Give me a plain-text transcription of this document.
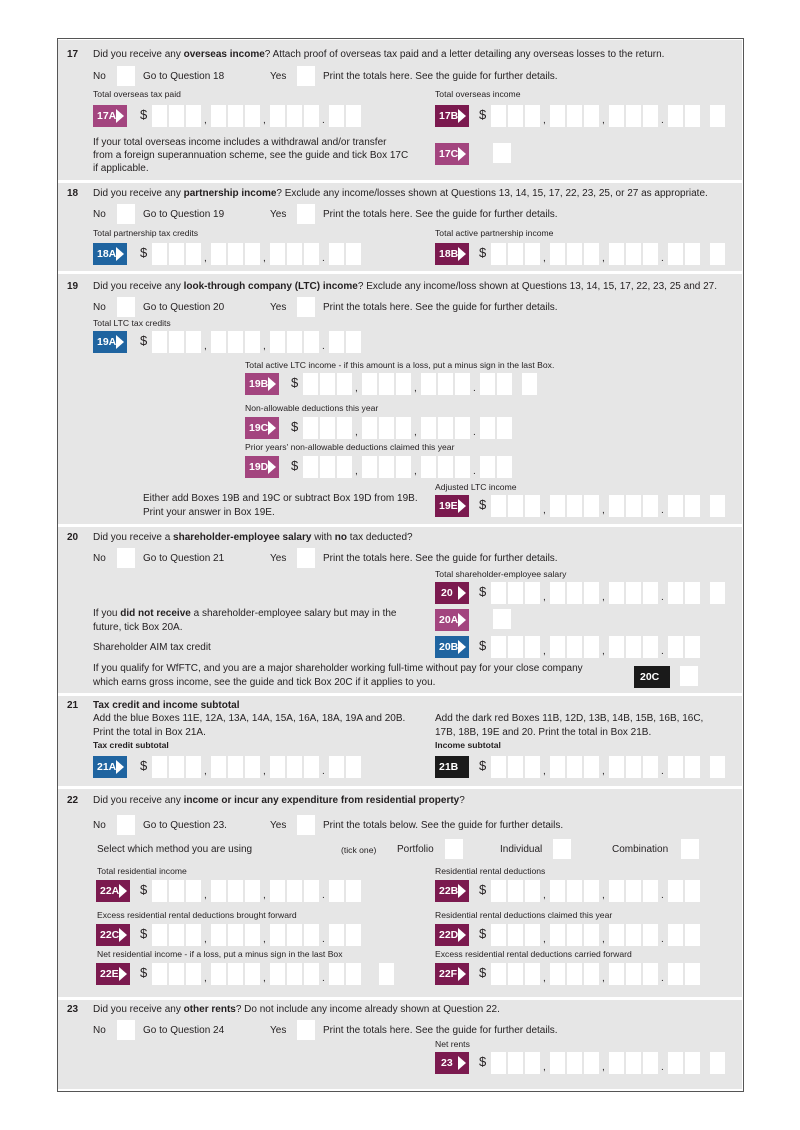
17 Did you receive any overseas income? Attach proof of overseas tax paid and a letter detailing any overseas losses to the return.
No	Go to Question 18	Yes	Print the totals here. See the guide for further details.
Total overseas tax paid
17A	$	,	,	.
Total overseas income
17B	$	,	,	.
If your total overseas income includes a withdrawal and/or transfer
from a foreign superannuation scheme, see the guide and tick Box 17C
if applicable.
17C
18 Did you receive any partnership income? Exclude any income/losses shown at Questions 13, 14, 15, 17, 22, 23, 25, or 27 as appropriate.
No	Go to Question 19	Yes	Print the totals here. See the guide for further details.
Total partnership tax credits
18A	$	,	,	.
Total active partnership income
18B	$	,	,	.
19 Did you receive any look-through company (LTC) income? Exclude any income/loss shown at Questions 13, 14, 15, 17, 22, 23, 25 and 27.
No	Go to Question 20	Yes	Print the totals here. See the guide for further details.
Total LTC tax credits
19A	$	,	,	.
Total active LTC income - if this amount is a loss, put a minus sign in the last Box.
19B	$	,	,	.
Non-allowable deductions this year
19C	$	,	,	.
Prior years' non-allowable deductions claimed this year
19D	$	,	,	.
Adjusted LTC income
Either add Boxes 19B and 19C or subtract Box 19D from 19B.
Print your answer in Box 19E.
19E	$	,	,	.
20 Did you receive a shareholder-employee salary with no tax deducted?
No	Go to Question 21	Yes	Print the totals here. See the guide for further details.
Total shareholder-employee salary
20	$	,	,	.
If you did not receive a shareholder-employee salary but may in the
future, tick Box 20A.
20A
Shareholder AIM tax credit	20B	$	,	,	.
If you qualify for WfFTC, and you are a major shareholder working full-time without pay for your close company
which earns gross income, see the guide and tick Box 20C if it applies to you.	20C
21 Tax credit and income subtotal
Add the blue Boxes 11E, 12A, 13A, 14A, 15A, 16A, 18A, 19A and 20B.
Print the total in Box 21A.
Tax credit subtotal
21A	$	,	,	.
Add the dark red Boxes 11B, 12D, 13B, 14B, 15B, 16B, 16C,
17B, 18B, 19E and 20. Print the total in Box 21B.
Income subtotal
21B	$	,	,	.
22 Did you receive any income or incur any expenditure from residential property?
No	Go to Question 23.	Yes	Print the totals below. See the guide for further details.
Select which method you are using	(tick one) Portfolio	Individual	Combination
Total residential income
22A	$	,	,	.
Residential rental deductions
22B	$	,	,	.
Excess residential rental deductions brought forward
22C	$	,	,	.
Residential rental deductions claimed this year
22D	$	,	,	.
Net residential income - if a loss, put a minus sign in the last Box
22E	$	,	,	.
Excess residential rental deductions carried forward
22F	$	,	,	.
23 Did you receive any other rents? Do not include any income already shown at Question 22.
No	Go to Question 24	Yes	Print the totals here. See the guide for further details.
Net rents
23	$	,	,	.
